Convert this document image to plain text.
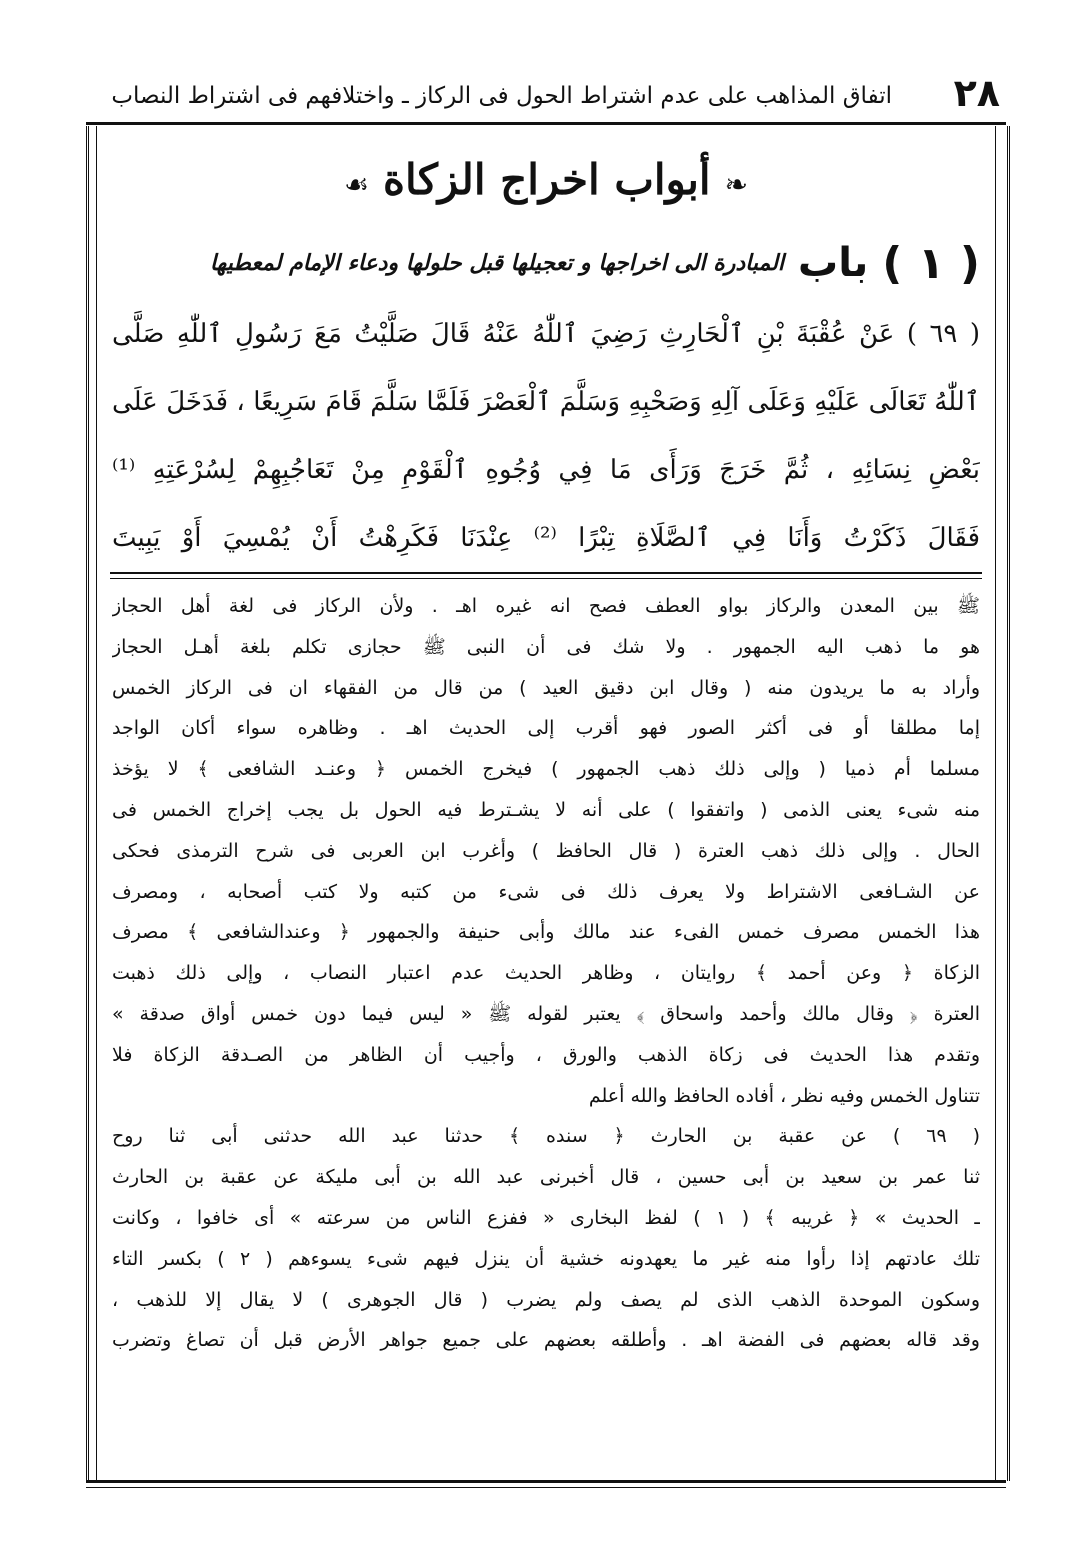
٢٨
اتفاق المذاهب على عدم اشتراط الحول فى الركاز ـ واختلافهم فى اشتراط النصاب
❧أبواب اخراج الزكاة☙
( ١ )
باب
المبادرة الى اخراجها و تعجيلها قبل حلولها ودعاء الإمام لمعطيها
( ٦٩ ) عَنْ عُقْبَةَ بْنِ ٱلْحَارِثِ رَضِيَ ٱللّٰهُ عَنْهُ قَالَ صَلَّيْتُ مَعَ رَسُولِ ٱللّٰهِ صَلَّى
ٱللّٰهُ تَعَالَى عَلَيْهِ وَعَلَى آلِهِ وَصَحْبِهِ وَسَلَّمَ ٱلْعَصْرَ فَلَمَّا سَلَّمَ قَامَ سَرِيعًا ، فَدَخَلَ عَلَى
بَعْضِ نِسَائِهِ ، ثُمَّ خَرَجَ وَرَأَى مَا فِي وُجُوهِ ٱلْقَوْمِ مِنْ تَعَاجُبِهِمْ لِسُرْعَتِهِ ⁽¹⁾
فَقَالَ ذَكَرْتُ وَأَنَا فِي ٱلصَّلَاةِ تِبْرًا ⁽²⁾ عِنْدَنَا فَكَرِهْتُ أَنْ يُمْسِيَ أَوْ يَبِيتَ
ﷺ بين المعدن والركاز بواو العطف فصح انه غيره اهـ . ولأن الركاز فى لغة أهل الحجاز
هو ما ذهب اليه الجمهور . ولا شك فى أن النبى ﷺ حجازى تكلم بلغة أهـل الحجاز
وأراد به ما يريدون منه ( وقال ابن دقيق العيد ) من قال من الفقهاء ان فى الركاز الخمس
إما مطلقا أو فى أكثر الصور فهو أقرب إلى الحديث اهـ . وظاهره سواء أكان الواجد
مسلما أم ذميا ( وإلى ذلك ذهب الجمهور ) فيخرج الخمس ﴿ وعنـد الشافعى ﴾ لا يؤخذ
منه شىء يعنى الذمى ( واتفقوا ) على أنه لا يشـترط فيه الحول بل يجب إخراج الخمس فى
الحال . وإلى ذلك ذهب العترة ( قال الحافظ ) وأغرب ابن العربى فى شرح الترمذى فحكى
عن الشـافعى الاشتراط ولا يعرف ذلك فى شىء من كتبه ولا كتب أصحابه ، ومصرف
هذا الخمس مصرف خمس الفىء عند مالك وأبى حنيفة والجمهور ﴿ وعندالشافعى ﴾ مصرف
الزكاة ﴿ وعن أحمد ﴾ روايتان ، وظاهر الحديث عدم اعتبار النصاب ، وإلى ذلك ذهبت
العترة ﴿ وقال مالك وأحمد واسحاق ﴾ يعتبر لقوله ﷺ « ليس فيما دون خمس أواق صدقة »
وتقدم هذا الحديث فى زكاة الذهب والورق ، وأجيب أن الظاهر من الصـدقة الزكاة فلا
تتناول الخمس وفيه نظر ، أفاده الحافظ والله أعلم
( ٦٩ ) عن عقبة بن الحارث ﴿ سنده ﴾ حدثنا عبد الله حدثنى أبى ثنا روح
ثنا عمر بن سعيد بن أبى حسين ، قال أخبرنى عبد الله بن أبى مليكة عن عقبة بن الحارث
ـ الحديث » ﴿ غريبه ﴾ ( ١ ) لفظ البخارى « ففزع الناس من سرعته » أى خافوا ، وكانت
تلك عادتهم إذا رأوا منه غير ما يعهدونه خشية أن ينزل فيهم شىء يسوءهم ( ٢ ) بكسر التاء
وسكون الموحدة الذهب الذى لم يصف ولم يضرب ( قال الجوهرى ) لا يقال إلا للذهب ،
وقد قاله بعضهم فى الفضة اهـ . وأطلقه بعضهم على جميع جواهر الأرض قبل أن تصاغ وتضرب
